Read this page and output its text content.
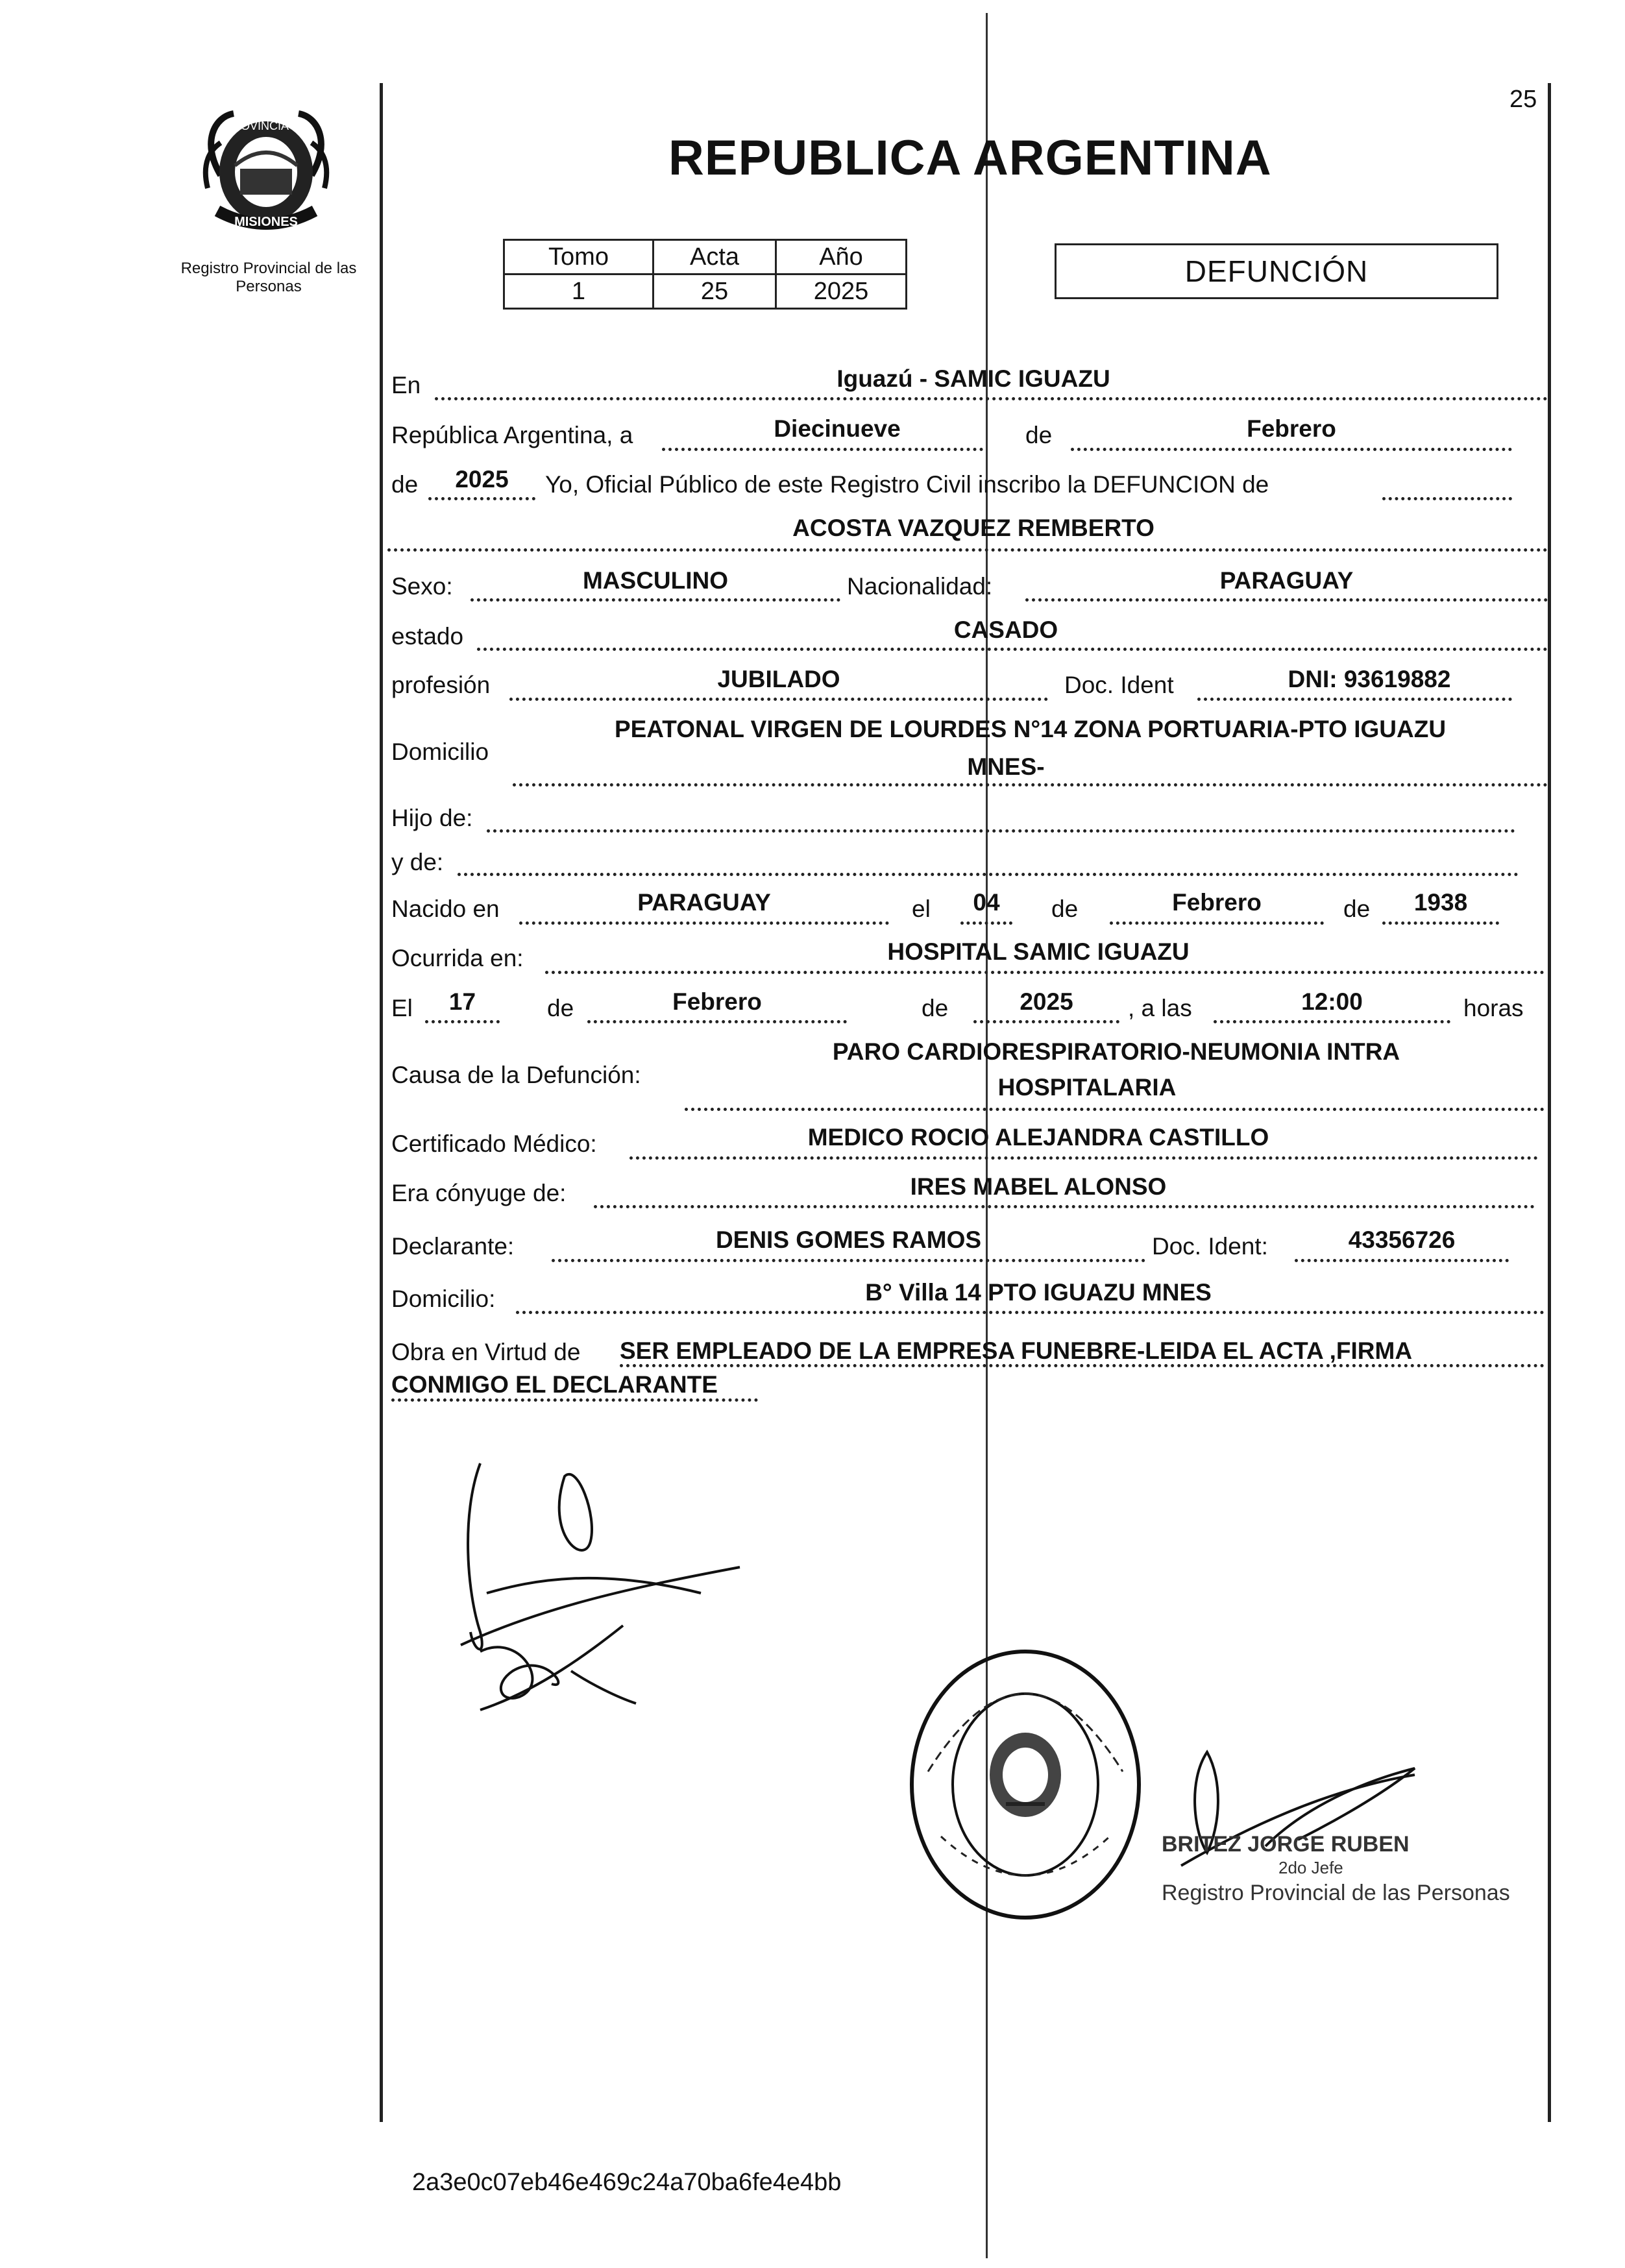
25
PROVINCIA DE
MISIONES
Registro Provincial de las Personas
REPUBLICA ARGENTINA
Tomo	Acta	Año
1	25	2025
DEFUNCIÓN
En	Iguazú - SAMIC IGUAZU
República Argentina, a	Diecinueve	de	Febrero
de	2025	Yo, Oficial Público de este Registro Civil inscribo la DEFUNCION de
ACOSTA VAZQUEZ REMBERTO
Sexo:	MASCULINO	Nacionalidad:	PARAGUAY
estado	CASADO
profesión	JUBILADO	Doc. Ident	DNI: 93619882
Domicilio
PEATONAL VIRGEN DE LOURDES N°14 ZONA PORTUARIA-PTO IGUAZU
MNES-
Hijo de:
y de:
Nacido en	PARAGUAY	el	04	de	Febrero	de	1938
Ocurrida en:	HOSPITAL SAMIC IGUAZU
El	17	de	Febrero	de	2025	, a las	12:00	horas
Causa de la Defunción:
PARO CARDIORESPIRATORIO-NEUMONIA INTRA
HOSPITALARIA
Certificado Médico:	MEDICO ROCIO ALEJANDRA CASTILLO
Era cónyuge de:	IRES MABEL ALONSO
Declarante:	DENIS GOMES RAMOS	Doc. Ident:	43356726
Domicilio:	B° Villa 14 PTO IGUAZU MNES
Obra en Virtud de SER EMPLEADO DE LA EMPRESA FUNEBRE-LEIDA EL ACTA ,FIRMA
CONMIGO EL DECLARANTE
BRITEZ JORGE RUBEN
2do Jefe
Registro Provincial de las Personas
2a3e0c07eb46e469c24a70ba6fe4e4bb
